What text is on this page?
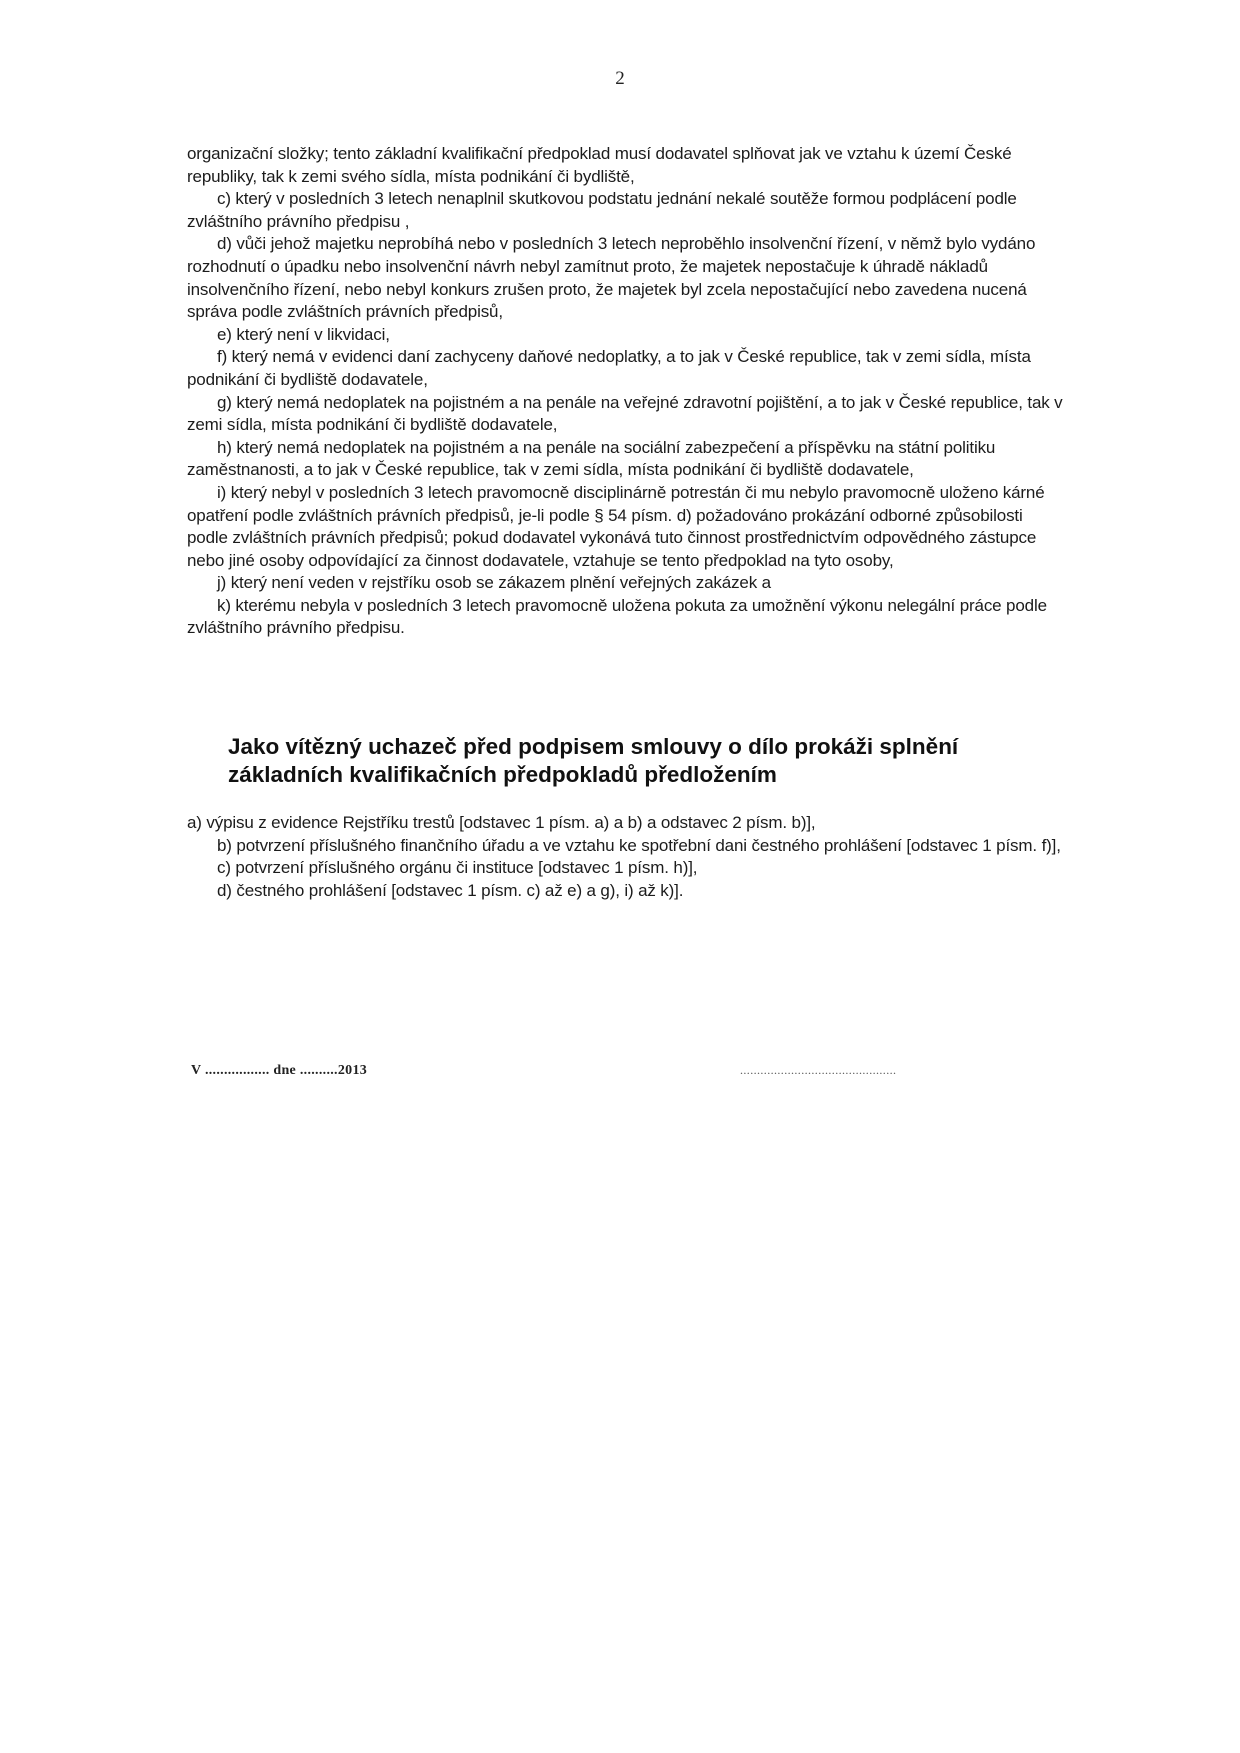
2

organizační složky; tento základní kvalifikační předpoklad musí dodavatel splňovat jak ve vztahu k území České republiky, tak k zemi svého sídla, místa podnikání či bydliště,

c) který v posledních 3 letech nenaplnil skutkovou podstatu jednání nekalé soutěže formou podplácení podle zvláštního právního předpisu ,

d) vůči jehož majetku neprobíhá nebo v posledních 3 letech neproběhlo insolvenční řízení, v němž bylo vydáno rozhodnutí o úpadku nebo insolvenční návrh nebyl zamítnut proto, že majetek nepostačuje k úhradě nákladů insolvenčního řízení, nebo nebyl konkurs zrušen proto, že majetek byl zcela nepostačující nebo zavedena nucená správa podle zvláštních právních předpisů,

e) který není v likvidaci,

f) který nemá v evidenci daní zachyceny daňové nedoplatky, a to jak v České republice, tak v zemi sídla, místa podnikání či bydliště dodavatele,

g) který nemá nedoplatek na pojistném a na penále na veřejné zdravotní pojištění, a to jak v České republice, tak v zemi sídla, místa podnikání či bydliště dodavatele,

h) který nemá nedoplatek na pojistném a na penále na sociální zabezpečení a příspěvku na státní politiku zaměstnanosti, a to jak v České republice, tak v zemi sídla, místa podnikání či bydliště dodavatele,

i) který nebyl v posledních 3 letech pravomocně disciplinárně potrestán či mu nebylo pravomocně uloženo kárné opatření podle zvláštních právních předpisů, je-li podle § 54 písm. d) požadováno prokázání odborné způsobilosti podle zvláštních právních předpisů; pokud dodavatel vykonává tuto činnost prostřednictvím odpovědného zástupce nebo jiné osoby odpovídající za činnost dodavatele, vztahuje se tento předpoklad na tyto osoby,

j) který není veden v rejstříku osob se zákazem plnění veřejných zakázek a

k) kterému nebyla v posledních 3 letech pravomocně uložena pokuta za umožnění výkonu nelegální práce podle zvláštního právního předpisu.

Jako vítězný uchazeč před podpisem smlouvy o dílo prokáži splnění

základních kvalifikačních předpokladů předložením

a) výpisu z evidence Rejstříku trestů [odstavec 1 písm. a) a b) a odstavec 2 písm. b)],

b) potvrzení příslušného finančního úřadu a ve vztahu ke spotřební dani čestného prohlášení [odstavec 1 písm. f)],

c) potvrzení příslušného orgánu či instituce [odstavec 1 písm. h)],

d) čestného prohlášení [odstavec 1 písm. c) až e) a g), i) až k)].

V ................. dne ..........2013	..............................................
